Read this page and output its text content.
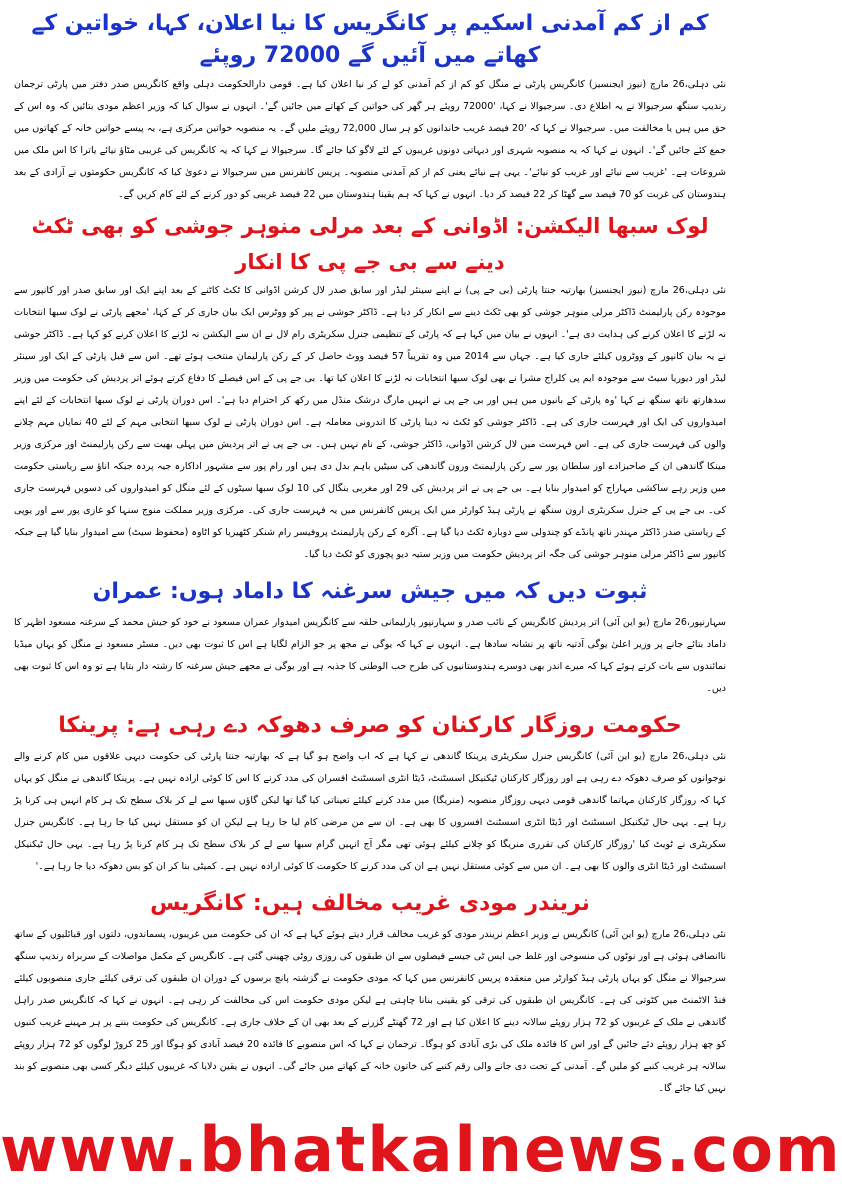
کم از کم آمدنی اسکیم پر کانگریس کا نیا اعلان، کہا، خواتین کے کھاتے میں آئیں گے 72000 روپئے

نئی دہلی،26 مارچ (نیوز ایجنسیز) کانگریس پارٹی نے منگل کو کم از کم آمدنی کو لے کر نیا اعلان کیا ہے۔ قومی دارالحکومت دہلی واقع کانگریس صدر دفتر میں پارٹی ترجمان رندیپ سنگھ سرجیوالا نے یہ اطلاع دی۔ سرجیوالا نے کہا، '72000 روپئے ہر گھر کی خواتین کے کھاتے میں جائیں گے'۔ انہوں نے سوال کیا کہ وزیر اعظم مودی بتائیں کہ وہ اس کے حق میں ہیں یا مخالفت میں۔ سرجیوالا نے کہا کہ '20 فیصد غریب خاندانوں کو ہر سال 72,000 روپئے ملیں گے۔ یہ منصوبہ خواتین مرکزی ہے، یہ پیسے خواتین خانہ کے کھاتوں میں جمع کئے جائیں گے'۔ انہوں نے کہا کہ یہ منصوبہ شہری اور دیہاتی دونوں غریبوں کے لئے لاگو کیا جائے گا۔ سرجیوالا نے کہا کہ یہ کانگریس کی غریبی مٹاؤ نیائے یاترا کا اس ملک میں شروعات ہے۔ 'غریب سے نیائے اور غریب کو نیائے'۔ یہی ہے نیائے یعنی کم از کم آمدنی منصوبہ۔ پریس کانفرنس میں سرجیوالا نے دعویٰ کیا کہ کانگریس حکومتوں نے آزادی کے بعد ہندوستان کی غربت کو 70 فیصد سے گھٹا کر 22 فیصد کر دیا۔ انہوں نے کہا کہ ہم یقینا ہندوستان میں 22 فیصد غریبی کو دور کرنے کے لئے کام کریں گے۔

لوک سبھا الیکشن: اڈوانی کے بعد مرلی منوہر جوشی کو بھی ٹکٹ دینے سے بی جے پی کا انکار

نئی دہلی،26 مارچ (نیوز ایجنسیز) بھارتیہ جنتا پارٹی (بی جے پی) نے اپنے سینئر لیڈر اور سابق صدر لال کرشن اڈوانی کا ٹکٹ کاٹنے کے بعد اپنے ایک اور سابق صدر اور کانپور سے موجودہ رکن پارلیمنٹ ڈاکٹر مرلی منوہر جوشی کو بھی ٹکٹ دینے سے انکار کر دیا ہے۔ ڈاکٹر جوشی نے پیر کو ووٹرس ایک بیان جاری کر کے کہا، 'مجھے پارٹی نے لوک سبھا انتخابات نہ لڑنے کا اعلان کرنے کی ہدایت دی ہے'۔ انہوں نے بیان میں کہا ہے کہ پارٹی کے تنظیمی جنرل سکریٹری رام لال نے ان سے الیکشن نہ لڑنے کا اعلان کرنے کو کہا ہے۔ ڈاکٹر جوشی نے یہ بیان کانپور کے ووٹروں کیلئے جاری کیا ہے۔ جہاں سے 2014 میں وہ تقریباً 57 فیصد ووٹ حاصل کر کے رکن پارلیمان منتخب ہوئے تھے۔ اس سے قبل پارٹی کے ایک اور سینئر لیڈر اور دیوریا سیٹ سے موجودہ ایم پی کلراج مشرا نے بھی لوک سبھا انتخابات نہ لڑنے کا اعلان کیا تھا۔ بی جے پی کے اس فیصلے کا دفاع کرتے ہوئے اتر پردیش کی حکومت میں وزیر سدھارتھ ناتھ سنگھ نے کہا 'وہ پارٹی کے بانیوں میں ہیں اور بی جے پی نے انہیں مارگ درشک منڈل میں رکھ کر احترام دیا ہے'۔ اس دوران پارٹی نے لوک سبھا انتخابات کے لئے اپنے امیدواروں کی ایک اور فہرست جاری کی ہے۔ ڈاکٹر جوشی کو ٹکٹ نہ دینا پارٹی کا اندرونی معاملہ ہے۔ اس دوران پارٹی نے لوک سبھا انتخابی مہم کے لئے 40 نمایاں مہم چلانے والوں کی فہرست جاری کی ہے۔ اس فہرست میں لال کرشن اڈوانی، ڈاکٹر جوشی، کے نام نہیں ہیں۔ بی جے پی نے اتر پردیش میں پہلی بھیت سے رکن پارلیمنٹ اور مرکزی وزیر مینکا گاندھی ان کے صاحبزادے اور سلطان پور سے رکن پارلیمنٹ ورون گاندھی کی سیٹیں باہم بدل دی ہیں اور رام پور سے مشہور اداکارہ جیہ پردہ جبکہ اناؤ سے ریاستی حکومت میں وزیر رہے ساکشی مہاراج کو امیدوار بنایا ہے۔ بی جے پی نے اتر پردیش کی 29 اور مغربی بنگال کی 10 لوک سبھا سیٹوں کے لئے منگل کو امیدواروں کی دسویں فہرست جاری کی۔ بی جے پی کے جنرل سکریٹری ارون سنگھ نے پارٹی ہیڈ کوارٹر میں ایک پریس کانفرنس میں یہ فہرست جاری کی۔ مرکزی وزیر مملکت منوج سنہا کو غازی پور سے اور یوپی کے ریاستی صدر ڈاکٹر مہندر ناتھ پانڈے کو چندولی سے دوبارہ ٹکٹ دیا گیا ہے۔ آگرہ کے رکن پارلیمنٹ پروفیسر رام شنکر کٹھیریا کو اٹاوہ (محفوظ سیٹ) سے امیدوار بنایا گیا ہے جبکہ کانپور سے ڈاکٹر مرلی منوہر جوشی کی جگہ اتر پردیش حکومت میں وزیر ستیہ دیو پچوری کو ٹکٹ دیا گیا۔

ثبوت دیں کہ میں جیش سرغنہ کا داماد ہوں: عمران

سہارنپور،26 مارچ (یو این آئی) اتر پردیش کانگریس کے نائب صدر و سہارنپور پارلیمانی حلقہ سے کانگریس امیدوار عمران مسعود نے خود کو جیش محمد کے سرغنہ مسعود اظہر کا داماد بتائے جانے پر وزیر اعلیٰ یوگی آدتیہ ناتھ پر نشانہ سادھا ہے۔ انہوں نے کہا کہ یوگی نے مجھ پر جو الزام لگایا ہے اس کا ثبوت بھی دیں۔ مسٹر مسعود نے منگل کو یہاں میڈیا نمائندوں سے بات کرتے ہوئے کہا کہ میرے اندر بھی دوسرے ہندوستانیوں کی طرح حب الوطنی کا جذبہ ہے اور یوگی نے مجھے جیش سرغنہ کا رشتہ دار بتایا ہے تو وہ اس کا ثبوت بھی دیں۔

حکومت روزگار کارکنان کو صرف دھوکہ دے رہی ہے: پرینکا

نئی دہلی،26 مارچ (یو این آئی) کانگریس جنرل سکریٹری پرینکا گاندھی نے کہا ہے کہ اب واضح ہو گیا ہے کہ بھارتیہ جنتا پارٹی کی حکومت دیہی علاقوں میں کام کرنے والے نوجوانوں کو صرف دھوکہ دے رہی ہے اور روزگار کارکنان ٹیکنیکل اسسٹنٹ، ڈیٹا انٹری اسسٹنٹ افسران کی مدد کرنے کا اس کا کوئی ارادہ نہیں ہے۔ پرینکا گاندھی نے منگل کو یہاں کہا کہ روزگار کارکنان مہاتما گاندھی قومی دیہی روزگار منصوبہ (منریگا) میں مدد کرنے کیلئے تعیناتی کیا گیا تھا لیکن گاؤں سبھا سے لے کر بلاک سطح تک ہر کام انہیں ہی کرنا پڑ رہا ہے۔ یہی حال ٹیکنیکل اسسٹنٹ اور ڈیٹا انٹری اسسٹنٹ افسروں کا بھی ہے۔ ان سے من مرضی کام لیا جا رہا ہے لیکن ان کو مستقل نہیں کیا جا رہا ہے۔ کانگریس جنرل سکریٹری نے ٹویٹ کیا 'روزگار کارکنان کی تقرری منریگا کو چلانے کیلئے ہوئی تھی مگر آج انہیں گرام سبھا سے لے کر بلاک سطح تک ہر کام کرنا پڑ رہا ہے۔ یہی حال ٹیکنیکل اسسٹنٹ اور ڈیٹا انٹری والوں کا بھی ہے۔ ان میں سے کوئی مستقل نہیں ہے ان کی مدد کرنے کا حکومت کا کوئی ارادہ نہیں ہے۔ کمیٹی بنا کر ان کو بس دھوکہ دیا جا رہا ہے۔'

نریندر مودی غریب مخالف ہیں: کانگریس

نئی دہلی،26 مارچ (یو این آئی) کانگریس نے وزیر اعظم نریندر مودی کو غریب مخالف قرار دیتے ہوئے کہا ہے کہ ان کی حکومت میں غریبوں، پسماندوں، دلتوں اور قبائلیوں کے ساتھ ناانصافی ہوئی ہے اور نوٹوں کی منسوخی اور غلط جی ایس ٹی جیسے فیصلوں سے ان طبقوں کی روزی روٹی چھینی گئی ہے۔ کانگریس کے مکمل مواصلات کے سربراہ رندیپ سنگھ سرجیوالا نے منگل کو یہاں پارٹی ہیڈ کوارٹر میں منعقدہ پریس کانفرنس میں کہا کہ مودی حکومت نے گزشتہ پانچ برسوں کے دوران ان طبقوں کی ترقی کیلئے جاری منصوبوں کیلئے فنڈ الاٹمنٹ میں کٹوتی کی ہے۔ کانگریس ان طبقوں کی ترقی کو یقینی بنانا چاہتی ہے لیکن مودی حکومت اس کی مخالفت کر رہی ہے۔ انہوں نے کہا کہ کانگریس صدر راہل گاندھی نے ملک کے غریبوں کو 72 ہزار روپئے سالانہ دینے کا اعلان کیا ہے اور 72 گھنٹے گزرنے کے بعد بھی ان کے خلاف جاری ہے۔ کانگریس کی حکومت بننے پر ہر مہینے غریب کنبوں کو چھ ہزار روپئے دئے جائیں گے اور اس کا فائدہ ملک کی بڑی آبادی کو ہوگا۔ ترجمان نے کہا کہ اس منصوبے کا فائدہ 20 فیصد آبادی کو ہوگا اور 25 کروڑ لوگوں کو 72 ہزار روپئے سالانہ ہر غریب کنبے کو ملیں گے۔ آمدنی کے تحت دی جانے والی رقم کنبے کی خاتون خانہ کے کھاتے میں جائے گی۔ انہوں نے یقین دلایا کہ غریبوں کیلئے دیگر کسی بھی منصوبے کو بند نہیں کیا جائے گا۔

www.bhatkalnews.com
